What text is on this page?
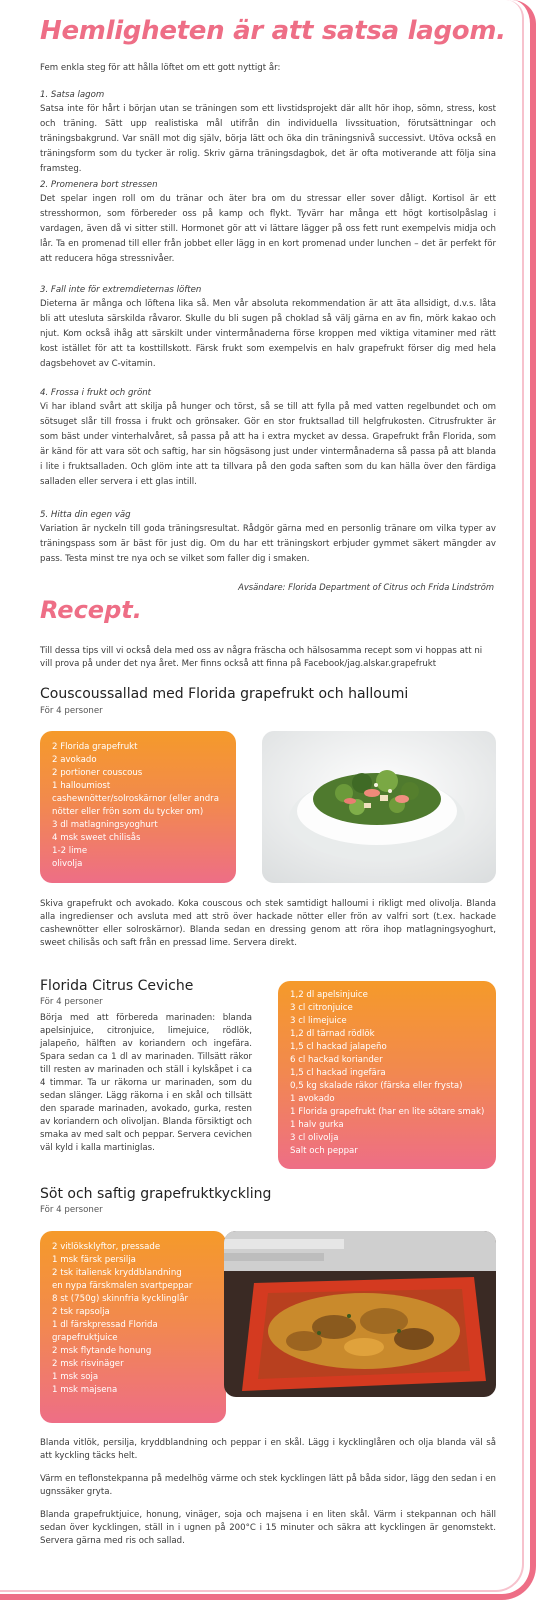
Hemligheten är att satsa lagom.
Fem enkla steg för att hålla löftet om ett gott nyttigt år:
1. Satsa lagom
Satsa inte för hårt i början utan se träningen som ett livstidsprojekt där allt hör ihop, sömn, stress, kost och träning. Sätt upp realistiska mål utifrån din individuella livssituation, förutsättningar och träningsbakgrund. Var snäll mot dig själv, börja lätt och öka din träningsnivå successivt. Utöva också en träningsform som du tycker är rolig. Skriv gärna träningsdagbok, det är ofta motiverande att följa sina framsteg.
2. Promenera bort stressen
Det spelar ingen roll om du tränar och äter bra om du stressar eller sover dåligt. Kortisol är ett stresshormon, som förbereder oss på kamp och flykt. Tyvärr har många ett högt kortisolpåslag i vardagen, även då vi sitter still. Hormonet gör att vi lättare lägger på oss fett runt exempelvis midja och lår. Ta en promenad till eller från jobbet eller lägg in en kort promenad under lunchen – det är perfekt för att reducera höga stressnivåer.
3. Fall inte för extremdieternas löften
Dieterna är många och löftena lika så. Men vår absoluta rekommendation är att äta allsidigt, d.v.s. låta bli att utesluta särskilda råvaror. Skulle du bli sugen på choklad så välj gärna en av fin, mörk kakao och njut. Kom också ihåg att särskilt under vintermånaderna förse kroppen med viktiga vitaminer med rätt kost istället för att ta kosttillskott. Färsk frukt som exempelvis en halv grapefrukt förser dig med hela dagsbehovet av C-vitamin.
4. Frossa i frukt och grönt
Vi har ibland svårt att skilja på hunger och törst, så se till att fylla på med vatten regelbundet och om sötsuget slår till frossa i frukt och grönsaker. Gör en stor fruktsallad till helgfrukosten. Citrusfrukter är som bäst under vinterhalvåret, så passa på att ha i extra mycket av dessa. Grapefrukt från Florida, som är känd för att vara söt och saftig, har sin högsäsong just under vintermånaderna så passa på att blanda i lite i fruktsalladen. Och glöm inte att ta tillvara på den goda saften som du kan hälla över den färdiga salladen eller servera i ett glas intill.
5. Hitta din egen väg
Variation är nyckeln till goda träningsresultat. Rådgör gärna med en personlig tränare om vilka typer av träningspass som är bäst för just dig. Om du har ett träningskort erbjuder gymmet säkert mängder av pass. Testa minst tre nya och se vilket som faller dig i smaken.
Avsändare: Florida Department of Citrus och Frida Lindström
Recept.
Till dessa tips vill vi också dela med oss av några fräscha och hälsosamma recept som vi hoppas att ni vill prova på under det nya året. Mer finns också att finna på Facebook/jag.alskar.grapefrukt
Couscoussallad med Florida grapefrukt och halloumi
För 4 personer
2 Florida grapefrukt
2 avokado
2 portioner couscous
1 halloumiost
cashewnötter/solroskärnor (eller andra nötter eller frön som du tycker om)
3 dl matlagningsyoghurt
4 msk sweet chilisås
1-2 lime
olivolja
Skiva grapefrukt och avokado. Koka couscous och stek samtidigt halloumi i rikligt med olivolja. Blanda alla ingredienser och avsluta med att strö över hackade nötter eller frön av valfri sort (t.ex. hackade cashewnötter eller solroskärnor). Blanda sedan en dressing genom att röra ihop matlagningsyoghurt, sweet chilisås och saft från en pressad lime. Servera direkt.
Florida Citrus Ceviche
För 4 personer
Börja med att förbereda marinaden: blanda apelsinjuice, citronjuice, limejuice, rödlök, jalapeño, hälften av koriandern och ingefära. Spara sedan ca 1 dl av marinaden. Tillsätt räkor till resten av marinaden och ställ i kylskåpet i ca 4 timmar. Ta ur räkorna ur marinaden, som du sedan slänger. Lägg räkorna i en skål och tillsätt den sparade marinaden, avokado, gurka, resten av koriandern och olivoljan. Blanda försiktigt och smaka av med salt och peppar. Servera cevichen väl kyld i kalla martiniglas.
1,2 dl apelsinjuice
3 cl citronjuice
3 cl limejuice
1,2 dl tärnad rödlök
1,5 cl hackad jalapeño
6 cl hackad koriander
1,5 cl hackad ingefära
0,5 kg skalade räkor (färska eller frysta)
1 avokado
1 Florida grapefrukt (har en lite sötare smak)
1 halv gurka
3 cl olivolja
Salt och peppar
Söt och saftig grapefruktkyckling
För 4 personer
2 vitlöksklyftor, pressade
1 msk färsk persilja
2 tsk italiensk kryddblandning
en nypa färskmalen svartpeppar
8 st (750g) skinnfria kycklinglår
2 tsk rapsolja
1 dl färskpressad Florida grapefruktjuice
2 msk flytande honung
2 msk risvinäger
1 msk soja
1 msk majsena
Blanda vitlök, persilja, kryddblandning och peppar i en skål. Lägg i kycklinglåren och olja blanda väl så att kyckling täcks helt.
Värm en teflonstekpanna på medelhög värme och stek kycklingen lätt på båda sidor, lägg den sedan i en ugnssäker gryta.
Blanda grapefruktjuice, honung, vinäger, soja och majsena i en liten skål. Värm i stekpannan och häll sedan över kycklingen, ställ in i ugnen på 200°C i 15 minuter och säkra att kycklingen är genomstekt. Servera gärna med ris och sallad.
